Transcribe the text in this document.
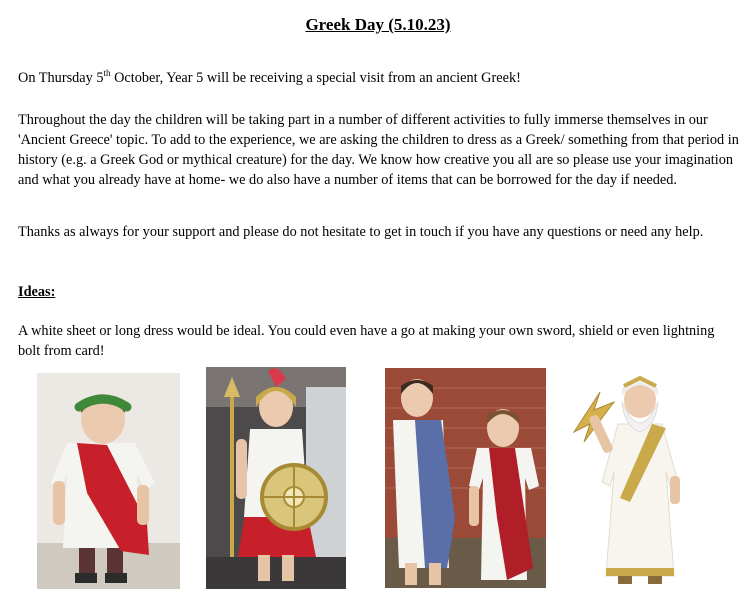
Greek Day (5.10.23)

On Thursday 5th October, Year 5 will be receiving a special visit from an ancient Greek!

Throughout the day the children will be taking part in a number of different activities to fully immerse themselves in our 'Ancient Greece' topic. To add to the experience, we are asking the children to dress as a Greek/ something from that period in history (e.g. a Greek God or mythical creature) for the day. We know how creative you all are so please use your imagination and what you already have at home- we do also have a number of items that can be borrowed for the day if needed.

Thanks as always for your support and please do not hesitate to get in touch if you have any questions or need any help.

Ideas:

A white sheet or long dress would be ideal. You could even have a go at making your own sword, shield or even lightning bolt from card!
